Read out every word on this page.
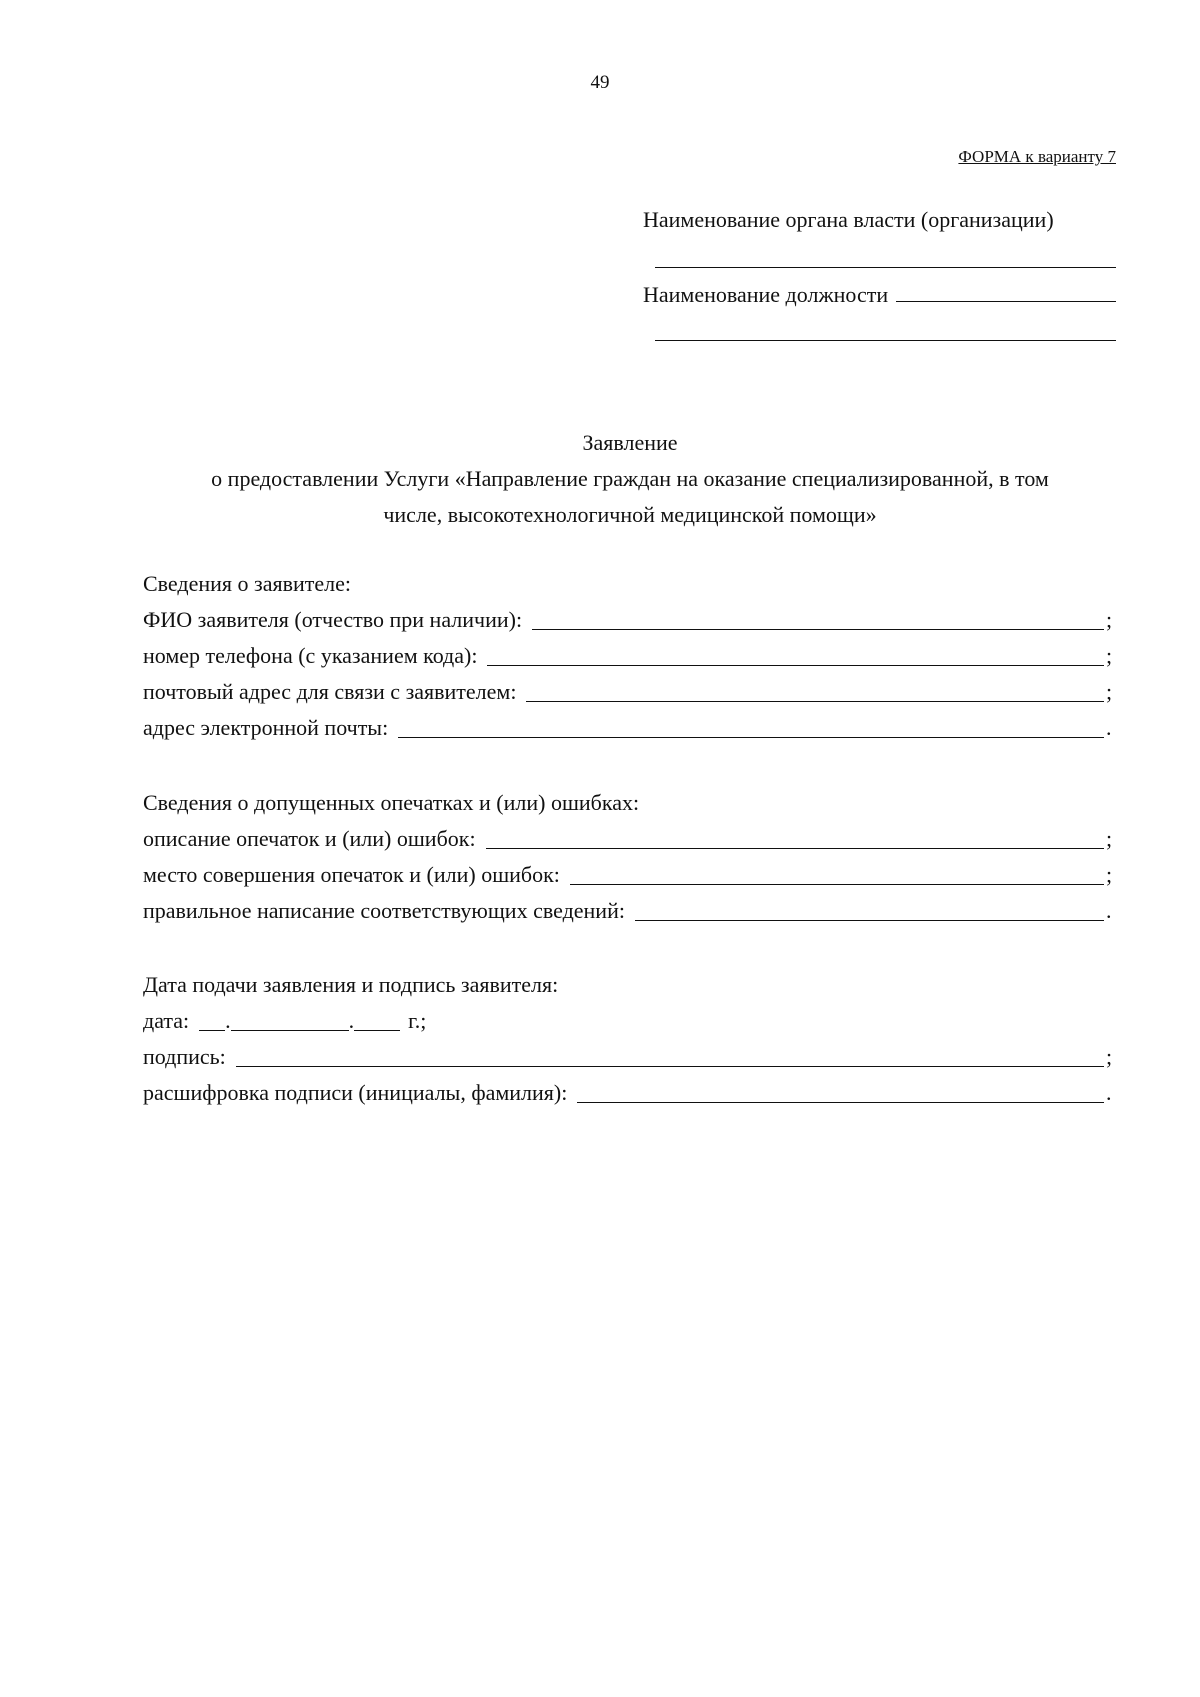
49
ФОРМА к варианту 7
Наименование органа власти (организации)
Наименование должности
Заявление
о предоставлении Услуги «Направление граждан на оказание специализированной, в том
числе, высокотехнологичной медицинской помощи»
Сведения о заявителе:
ФИО заявителя (отчество при наличии):	;
номер телефона (с указанием кода):	;
почтовый адрес для связи с заявителем:	;
адрес электронной почты:	.
Сведения о допущенных опечатках и (или) ошибках:
описание опечаток и (или) ошибок:	;
место совершения опечаток и (или) ошибок:	;
правильное написание соответствующих сведений:	.
Дата подачи заявления и подпись заявителя:
дата: .	. г.;
подпись:	;
расшифровка подписи (инициалы, фамилия):	.
